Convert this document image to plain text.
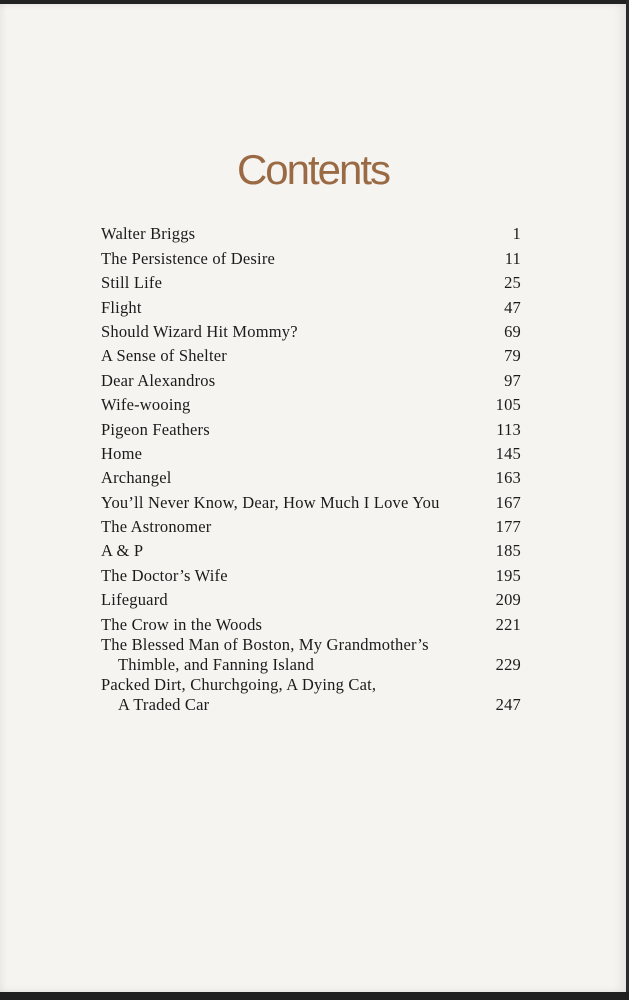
Contents
Walter Briggs	1
The Persistence of Desire	11
Still Life	25
Flight	47
Should Wizard Hit Mommy?	69
A Sense of Shelter	79
Dear Alexandros	97
Wife-wooing	105
Pigeon Feathers	113
Home	145
Archangel	163
You’ll Never Know, Dear, How Much I Love You	167
The Astronomer	177
A & P	185
The Doctor’s Wife	195
Lifeguard	209
The Crow in the Woods	221
The Blessed Man of Boston, My Grandmother’s
Thimble, and Fanning Island	229
Packed Dirt, Churchgoing, A Dying Cat,
A Traded Car	247
